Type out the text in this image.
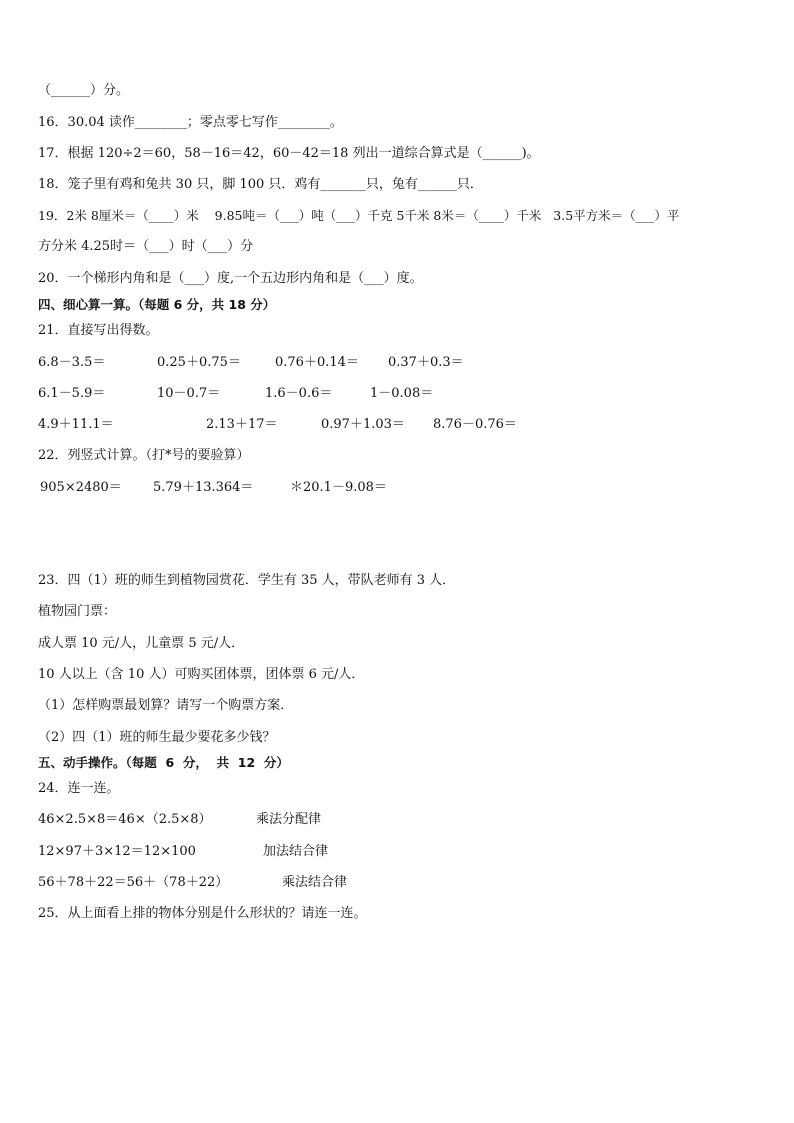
（______）分。
16．30.04 读作________；零点零七写作________。
17．根据 120÷2＝60，58－16＝42，60－42＝18 列出一道综合算式是（______)。
18．笼子里有鸡和兔共 30 只，脚 100 只．鸡有_______只，兔有______只．
19．2米 8厘米＝（____）米    9.85吨＝（___）吨（___）千克 5千米 8米＝（____）千米   3.5平方米＝（___）平
方分米 4.25时＝（___）时（___）分
20．一个梯形内角和是（___）度,一个五边形内角和是（___）度。
四、细心算一算。（每题 6 分，共 18 分）
21．直接写出得数。
6.8－3.5＝	0.25＋0.75＝	0.76＋0.14＝ 0.37＋0.3＝
6.1－5.9＝	10－0.7＝	1.6－0.6＝	1－0.08＝
4.9＋11.1＝	2.13＋17＝	0.97＋1.03＝ 8.76－0.76＝
22．列竖式计算。（打*号的要验算）
905×2480＝ 5.79＋13.364＝	＊20.1－9.08＝
23．四（1）班的师生到植物园赏花．学生有 35 人，带队老师有 3 人．
植物园门票：
成人票 10 元/人，儿童票 5 元/人．
10 人以上（含 10 人）可购买团体票，团体票 6 元/人．
（1）怎样购票最划算？请写一个购票方案．
（2）四（1）班的师生最少要花多少钱？
五、动手操作。（每题  6  分，  共  12  分）
24．连一连。
46×2.5×8＝46×（2.5×8）	乘法分配律
12×97＋3×12＝12×100	加法结合律
56＋78＋22＝56＋（78＋22）	乘法结合律
25．从上面看上排的物体分别是什么形状的？请连一连。
